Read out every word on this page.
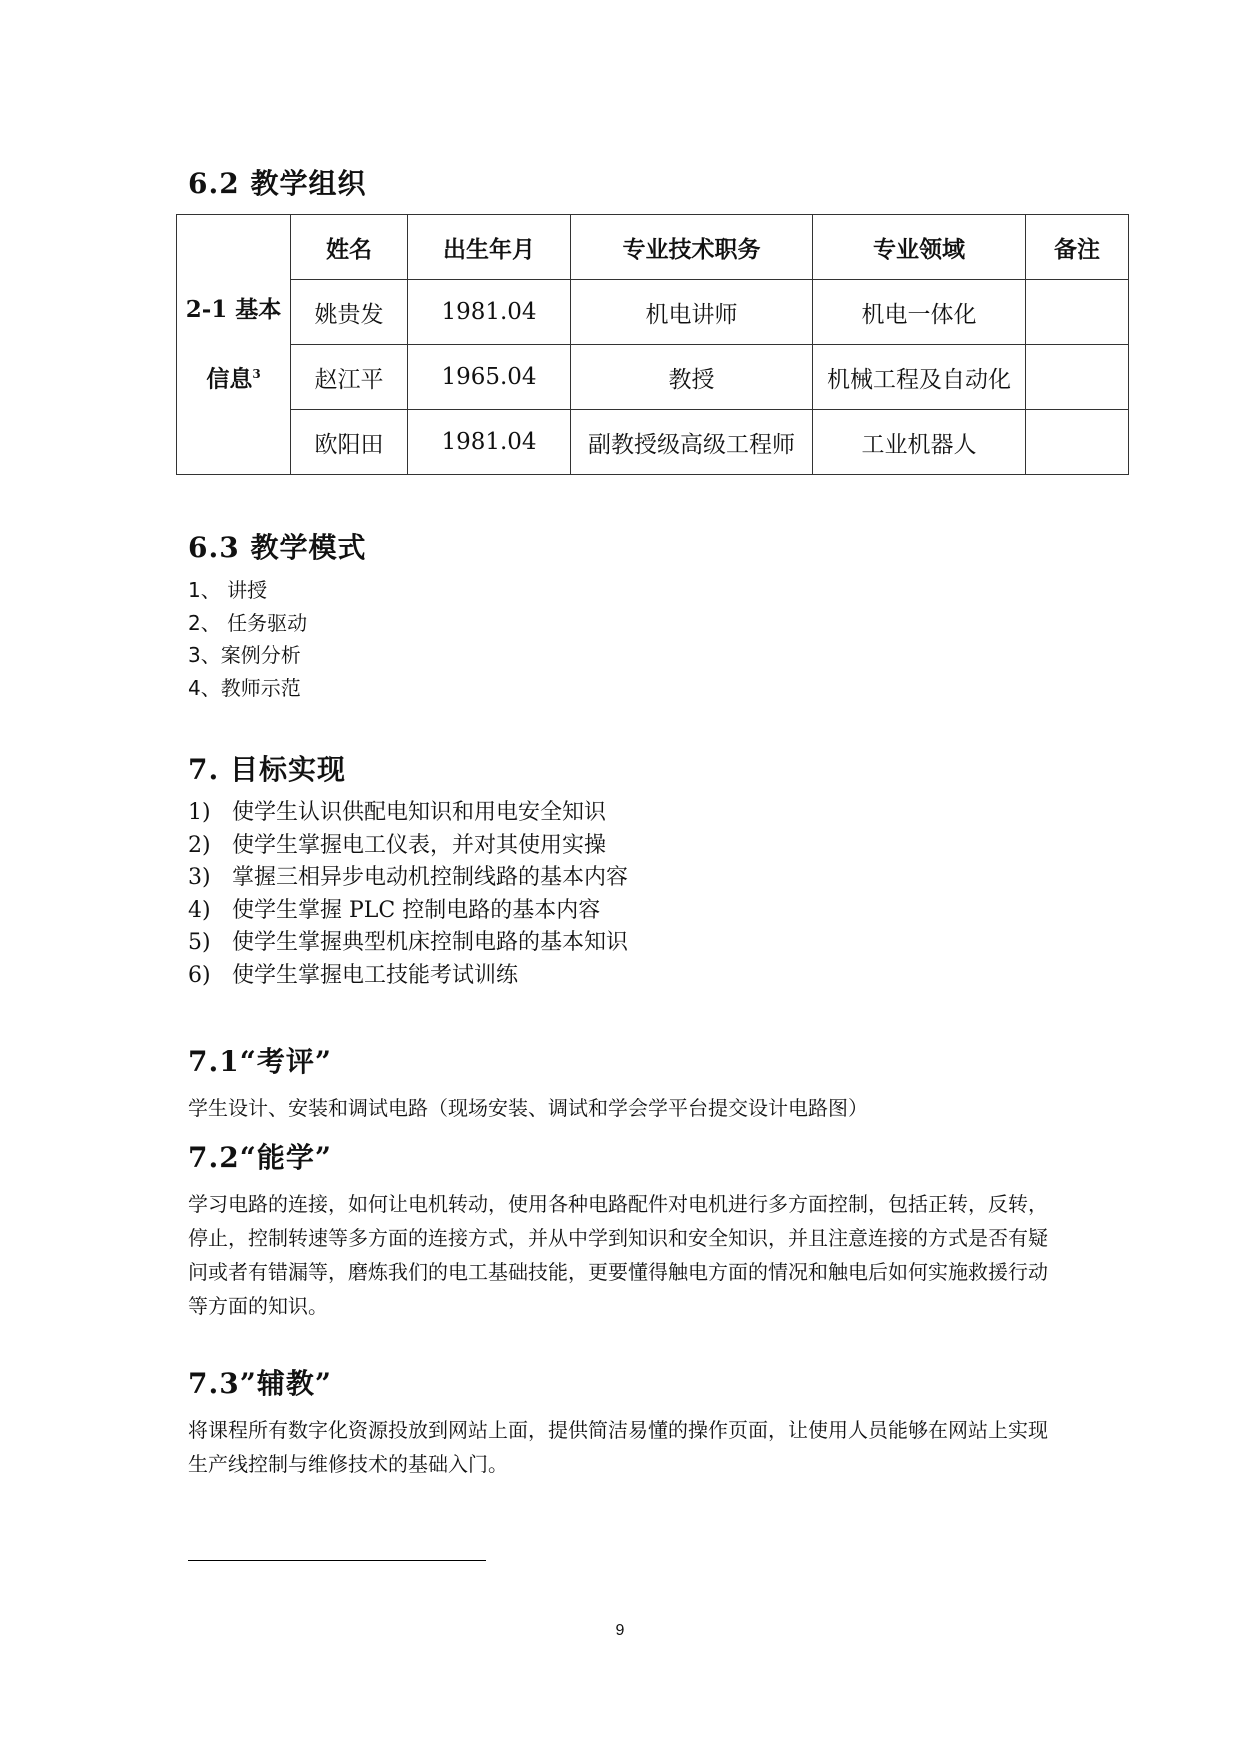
6.2 教学组织
2-1 基本
信息$^3$	姓名	出生年月	专业技术职务	专业领域	备注
	姚贵发	1981.04	机电讲师	机电一体化	
	赵江平	1965.04	教授	机械工程及自动化	
	欧阳田	1981.04	副教授级高级工程师	工业机器人	
6.3 教学模式
1、 讲授
2、 任务驱动
3、案例分析
4、教师示范
7. 目标实现
1) 使学生认识供配电知识和用电安全知识
2) 使学生掌握电工仪表，并对其使用实操
3) 掌握三相异步电动机控制线路的基本内容
4) 使学生掌握 PLC 控制电路的基本内容
5) 使学生掌握典型机床控制电路的基本知识
6) 使学生掌握电工技能考试训练
7.1“考评”

学生设计、安装和调试电路（现场安装、调试和学会学平台提交设计电路图）

7.2“能学”

学习电路的连接，如何让电机转动，使用各种电路配件对电机进行多方面控制，包括正转，反转，停止，控制转速等多方面的连接方式，并从中学到知识和安全知识，并且注意连接的方式是否有疑问或者有错漏等，磨炼我们的电工基础技能，更要懂得触电方面的情况和触电后如何实施救援行动等方面的知识。

7.3”辅教”

将课程所有数字化资源投放到网站上面，提供简洁易懂的操作页面，让使用人员能够在网站上实现生产线控制与维修技术的基础入门。

9
